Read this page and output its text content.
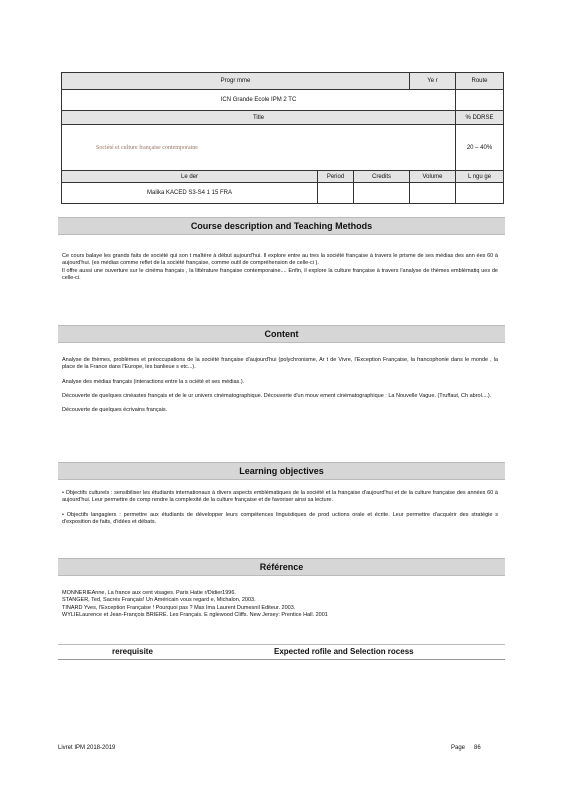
Progr mme			Ye r	Route
ICN Grande Ecole IPM 2 TC				
Title				% DDRSE
Société et culture française contemporaine				20 – 40%
Le der	Period	Credits	Volume	L ngu ge
Malika KACED S3-S4 1 15 FRA				
Course description and Teaching Methods

Ce cours balaye les grands faits de société qui son t maîtère à début aujourd'hui. Il explore entre au tres la société française à travers le prisme de ses médias des ann ées 60 à aujourd'hui. (es médias comme reflet de la société française, comme outil de compréhension de celle-ci ).

Il offre aussi une ouverture sur le cinéma français , la littérature française contemporaine.... Enfin, il explore la culture française à travers l'analyse de thèmes emblématiq ues de celle-ci.

Content

Analyse de thèmes, problèmes et préoccupations de la société française d'aujourd'hui (polychronisme, Ar t de Vivre, l'Exception Française, la francophonie dans le monde , la place de la France dans l'Europe, les banlieue s etc...).

Analyse des médias français (interactions entre la s ociété et ses médias.).

Découverte de quelques cinéastes français et de le ur univers cinématographique. Découverte d'un mouv ement cinématographique : La Nouvelle Vague. (Truffaut, Ch abrol....).

Découverte de quelques écrivains français.

Learning objectives

• Objectifs culturels : sensibiliser les étudiants internationaux à divers aspects emblématiques de la société et la française d'aujourd'hui et de la culture française des années 60 à aujourd'hui. Leur permettre de comp rendre la complexité de la culture française et de favoriser ainsi sa lecture.

• Objectifs langagiers : permettre aux étudiants de développer leurs compétences linguistiques de prod uctions orale et écrite. Leur permettre d'acquérir des stratégie s d'exposition de faits, d'idées et débats.

Référence

MONNERIEAnne, La france aux cent visages. Paris Hatie r/Didier1996.

STANGER, Ted, Sacrés Français! Un Américain vous regard e, Michalon, 2003.

TINARD Yves, l'Exception Française ! Pourquoi pas ? Max Ima Laurent Dumesnil Editeur. 2003.

WYLIELaurence et Jean-François BRIERE. Les Français. E nglewood Cliffs. New Jersey: Prentice Hall. 2001

rerequisite	Expected rofile and Selection rocess
Livret IPM 2018-2019	Page 86
